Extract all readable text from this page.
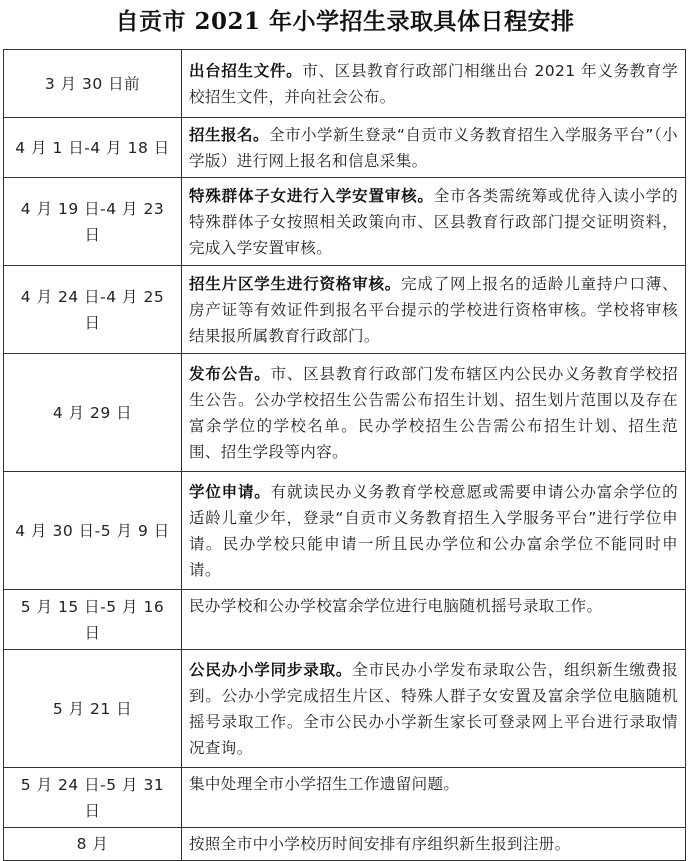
自贡市 2021 年小学招生录取具体日程安排
3 月 30 日前	出台招生文件。市、区县教育行政部门相继出台 2021 年义务教育学校招生文件，并向社会公布。
4 月 1 日-4 月 18 日	招生报名。全市小学新生登录“自贡市义务教育招生入学服务平台”（小学版）进行网上报名和信息采集。
4 月 19 日-4 月 23 日	特殊群体子女进行入学安置审核。全市各类需统筹或优待入读小学的特殊群体子女按照相关政策向市、区县教育行政部门提交证明资料，完成入学安置审核。
4 月 24 日-4 月 25 日	招生片区学生进行资格审核。完成了网上报名的适龄儿童持户口薄、房产证等有效证件到报名平台提示的学校进行资格审核。学校将审核结果报所属教育行政部门。
4 月 29 日	发布公告。市、区县教育行政部门发布辖区内公民办义务教育学校招生公告。公办学校招生公告需公布招生计划、招生划片范围以及存在富余学位的学校名单。民办学校招生公告需公布招生计划、招生范围、招生学段等内容。
4 月 30 日-5 月 9 日	学位申请。有就读民办义务教育学校意愿或需要申请公办富余学位的适龄儿童少年，登录“自贡市义务教育招生入学服务平台”进行学位申请。民办学校只能申请一所且民办学位和公办富余学位不能同时申请。
5 月 15 日-5 月 16 日	民办学校和公办学校富余学位进行电脑随机摇号录取工作。
5 月 21 日	公民办小学同步录取。全市民办小学发布录取公告，组织新生缴费报到。公办小学完成招生片区、特殊人群子女安置及富余学位电脑随机摇号录取工作。全市公民办小学新生家长可登录网上平台进行录取情况查询。
5 月 24 日-5 月 31 日	集中处理全市小学招生工作遗留问题。
8 月	按照全市中小学校历时间安排有序组织新生报到注册。
